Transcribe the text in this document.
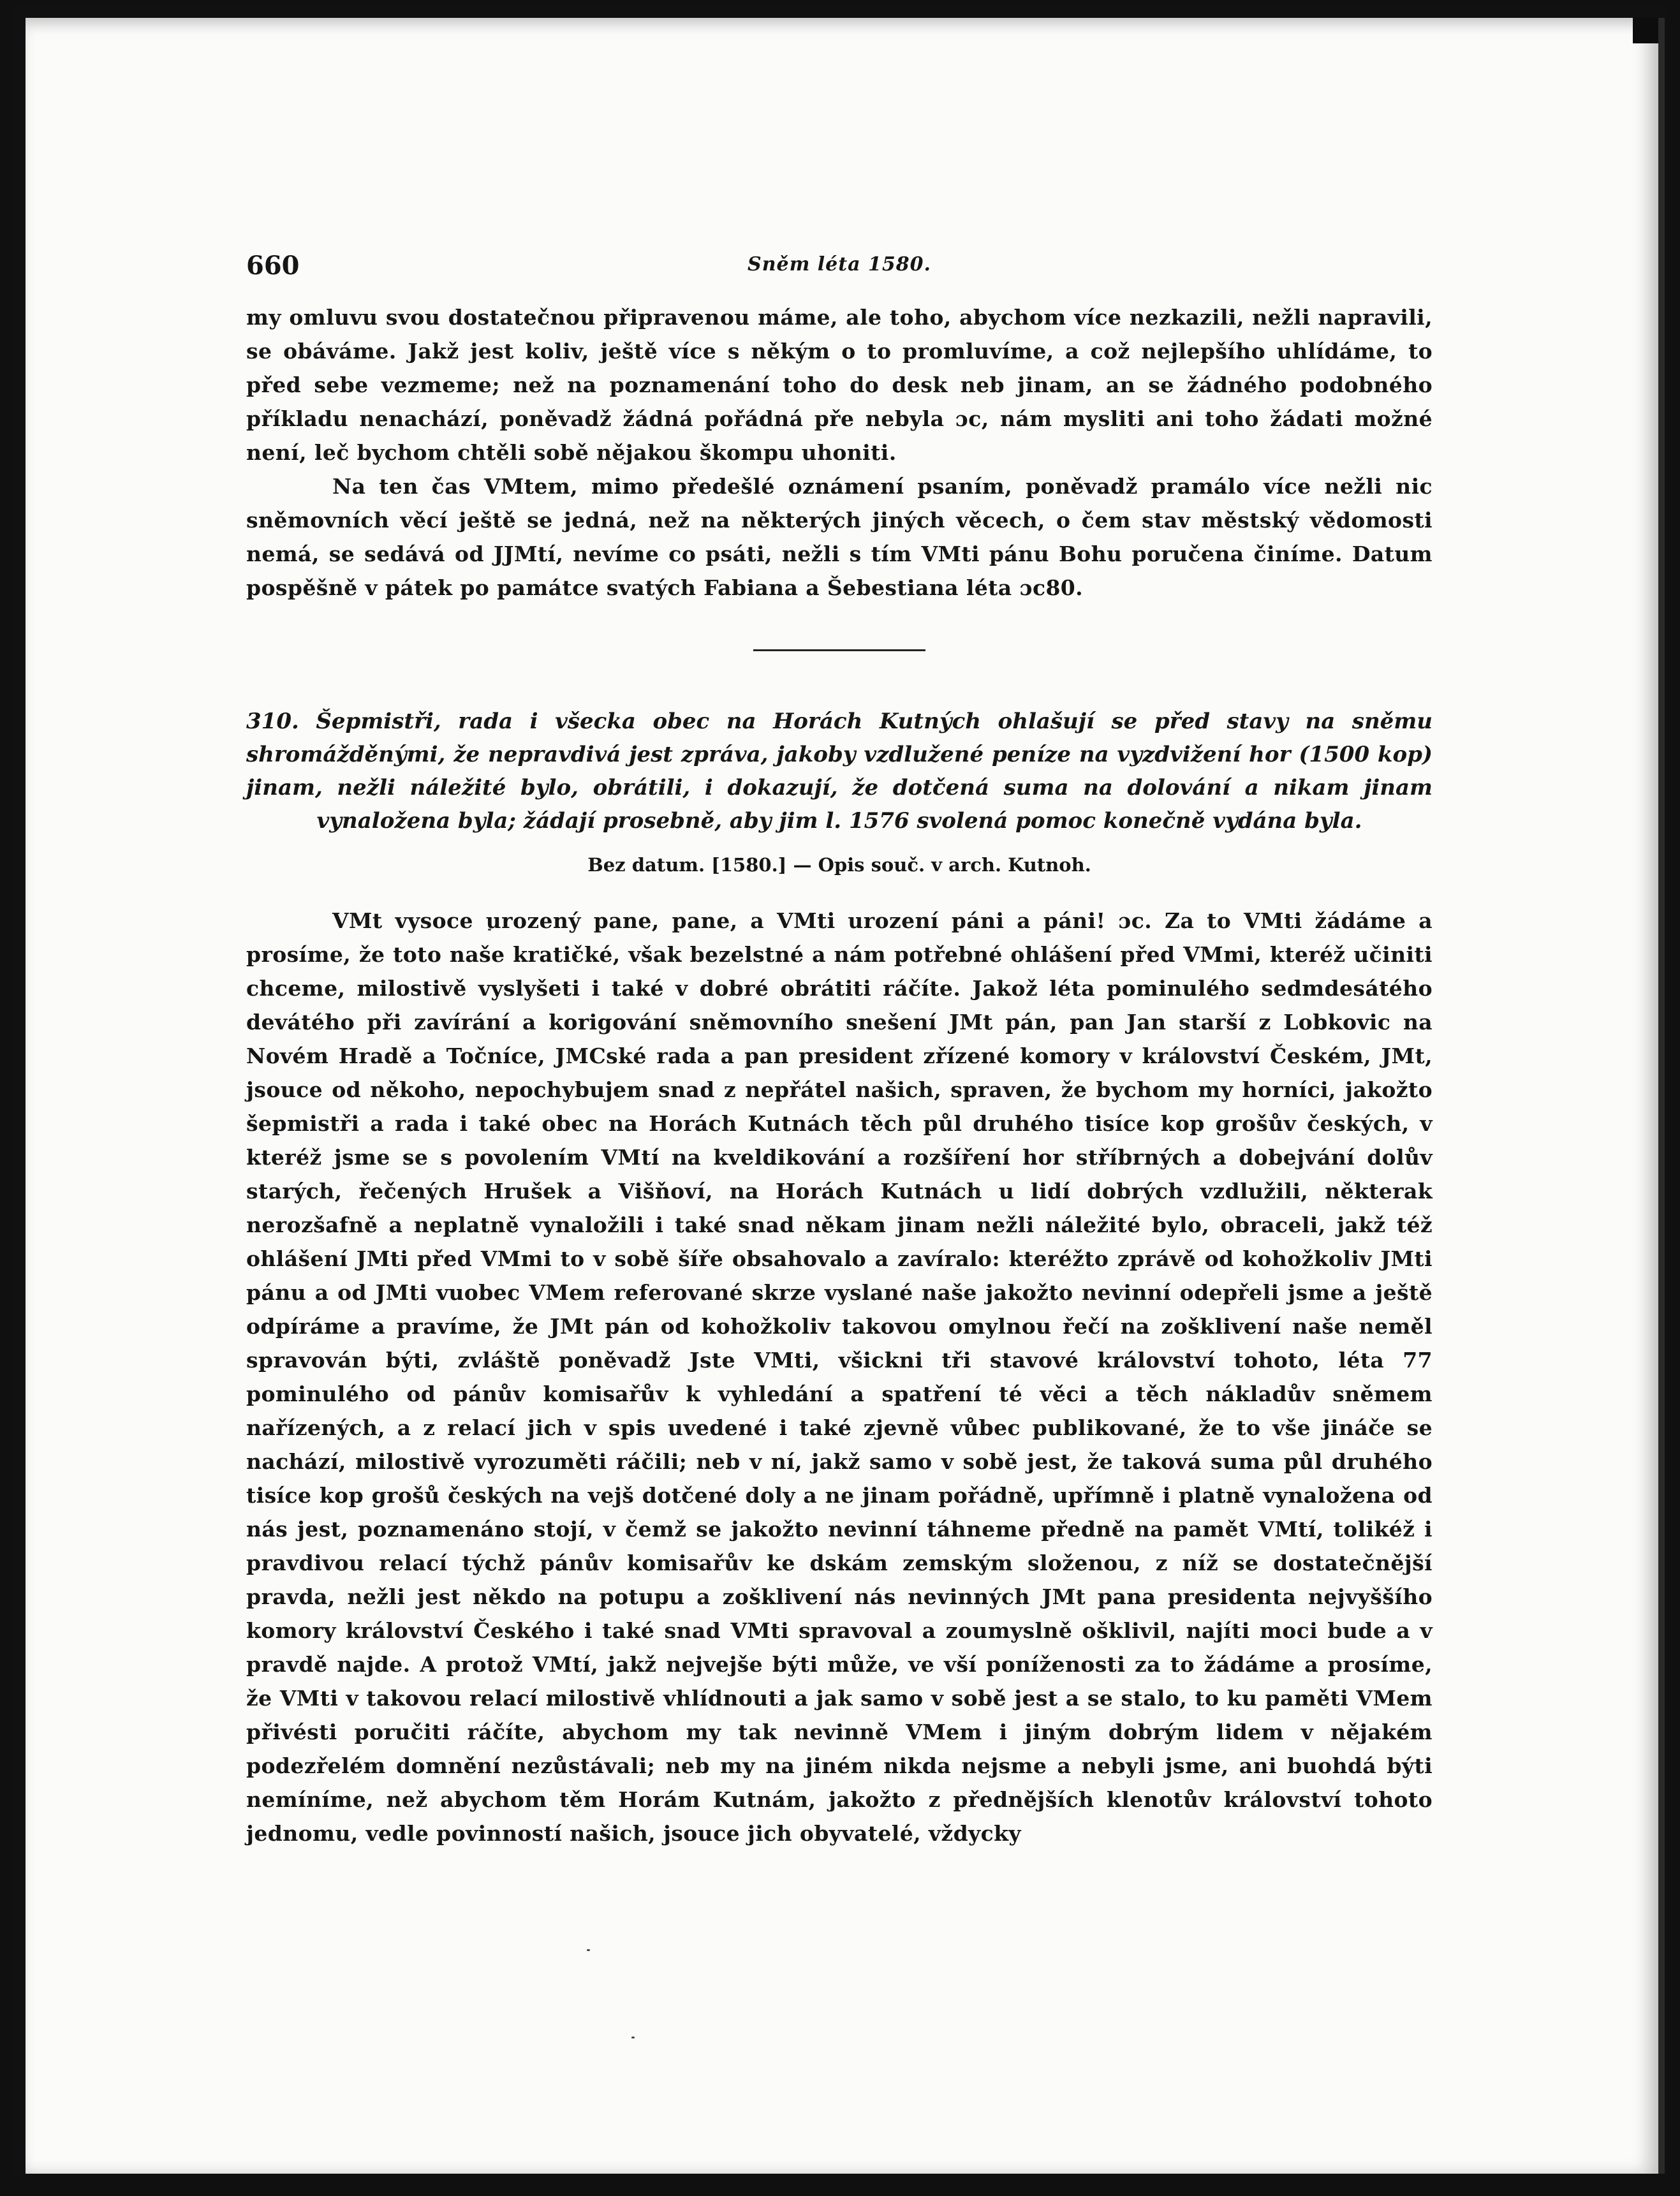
660	Sněm léta 1580.

my omluvu svou dostatečnou připravenou máme, ale toho, abychom více nezkazili, nežli napravili, se obáváme. Jakž jest koliv, ještě více s někým o to promluvíme, a což nejlepšího uhlídáme, to před sebe vezmeme; než na poznamenání toho do desk neb jinam, an se žádného podobného příkladu nenachází, poněvadž žádná pořádná pře nebyla ɔc, nám mysliti ani toho žádati možné není, leč bychom chtěli sobě nějakou škompu uhoniti.

Na ten čas VMtem, mimo předešlé oznámení psaním, poněvadž pramálo více nežli nic sněmovních věcí ještě se jedná, než na některých jiných věcech, o čem stav městský vědomosti nemá, se sedává od JJMtí, nevíme co psáti, nežli s tím VMti pánu Bohu poručena činíme. Datum pospěšně v pátek po památce svatých Fabiana a Šebestiana léta ɔc80.

310. Šepmistři, rada i všecka obec na Horách Kutných ohlašují se před stavy na sněmu shromážděnými, že nepravdivá jest zpráva, jakoby vzdlužené peníze na vyzdvižení hor (1500 kop) jinam, nežli náležité bylo, obrátili, i dokazují, že dotčená suma na dolování a nikam jinam vynaložena byla; žádají prosebně, aby jim l. 1576 svolená pomoc konečně vydána byla.

Bez datum. [1580.] — Opis souč. v arch. Kutnoh.

VMt vysoce urozený pane, pane, a VMti urození páni a páni! ɔc. Za to VMti žádáme a prosíme, že toto naše kratičké, však bezelstné a nám potřebné ohlášení před VMmi, kteréž učiniti chceme, milostivě vyslyšeti i také v dobré obrátiti ráčíte. Jakož léta pominulého sedmdesátého devátého při zavírání a korigování sněmovního snešení JMt pán, pan Jan starší z Lobkovic na Novém Hradě a Točníce, JMCské rada a pan president zřízené komory v království Českém, JMt, jsouce od někoho, nepochybujem snad z nepřátel našich, spraven, že bychom my horníci, jakožto šepmistři a rada i také obec na Horách Kutnách těch půl druhého tisíce kop grošův českých, v kteréž jsme se s povolením VMtí na kveldikování a rozšíření hor stříbrných a dobejvání dolův starých, řečených Hrušek a Višňoví, na Horách Kutnách u lidí dobrých vzdlužili, některak nerozšafně a neplatně vynaložili i také snad někam jinam nežli náležité bylo, obraceli, jakž též ohlášení JMti před VMmi to v sobě šíře obsahovalo a zavíralo: kteréžto zprávě od kohožkoliv JMti pánu a od JMti vuobec VMem referované skrze vyslané naše jakožto nevinní odepřeli jsme a ještě odpíráme a pravíme, že JMt pán od kohožkoliv takovou omylnou řečí na zošklivení naše neměl spravován býti, zvláště poněvadž Jste VMti, všickni tři stavové království tohoto, léta 77 pominulého od pánův komisařův k vyhledání a spatření té věci a těch nákladův sněmem nařízených, a z relací jich v spis uvedené i také zjevně vůbec publikované, že to vše jináče se nachází, milostivě vyrozuměti ráčili; neb v ní, jakž samo v sobě jest, že taková suma půl druhého tisíce kop grošů českých na vejš dotčené doly a ne jinam pořádně, upřímně i platně vynaložena od nás jest, poznamenáno stojí, v čemž se jakožto nevinní táhneme předně na pamět VMtí, tolikéž i pravdivou relací týchž pánův komisařův ke dskám zemským složenou, z níž se dostatečnější pravda, nežli jest někdo na potupu a zošklivení nás nevinných JMt pana presidenta nejvyššího komory království Českého i také snad VMti spravoval a zoumyslně ošklivil, najíti moci bude a v pravdě najde. A protož VMtí, jakž nejvejše býti může, ve vší poníženosti za to žádáme a prosíme, že VMti v takovou relací milostivě vhlídnouti a jak samo v sobě jest a se stalo, to ku paměti VMem přivésti poručiti ráčíte, abychom my tak nevinně VMem i jiným dobrým lidem v nějakém podezřelém domnění nezůstávali; neb my na jiném nikda nejsme a nebyli jsme, ani buohdá býti nemíníme, než abychom těm Horám Kutnám, jakožto z přednějších klenotův království tohoto jednomu, vedle povinností našich, jsouce jich obyvatelé, vždycky
